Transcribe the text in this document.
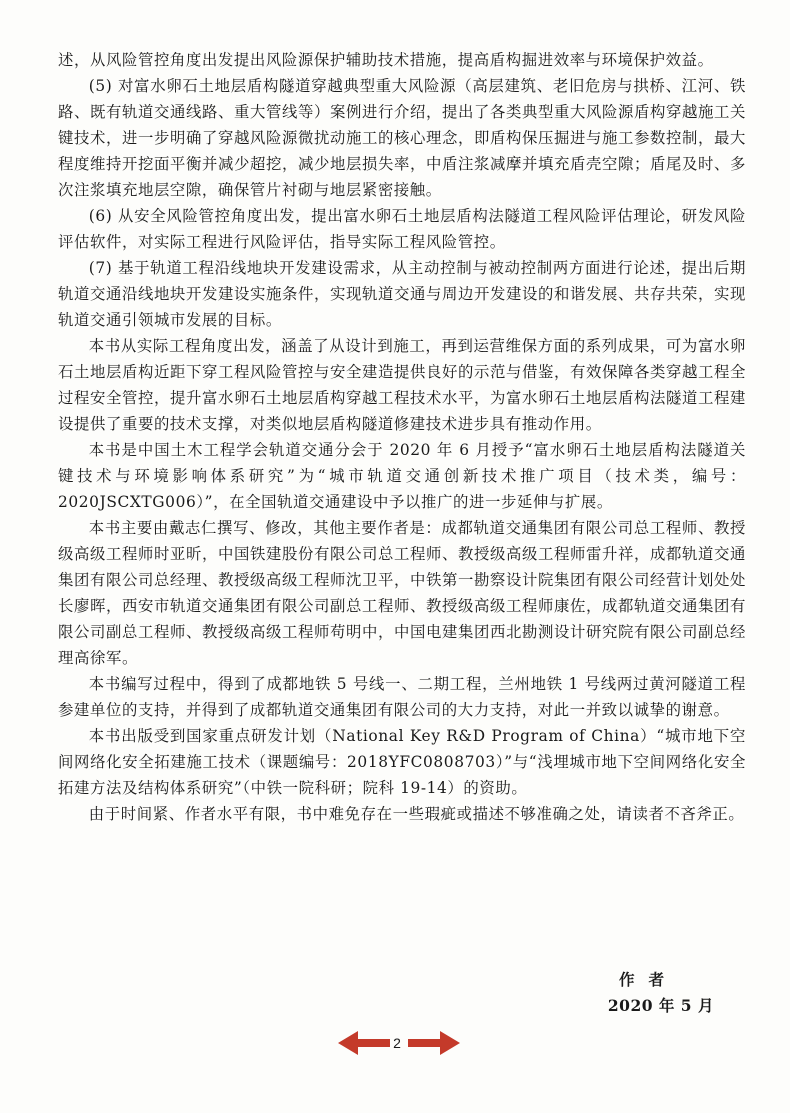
述，从风险管控角度出发提出风险源保护辅助技术措施，提高盾构掘进效率与环境保护效益。

(5) 对富水卵石土地层盾构隧道穿越典型重大风险源（高层建筑、老旧危房与拱桥、江河、铁路、既有轨道交通线路、重大管线等）案例进行介绍，提出了各类典型重大风险源盾构穿越施工关键技术，进一步明确了穿越风险源微扰动施工的核心理念，即盾构保压掘进与施工参数控制，最大程度维持开挖面平衡并减少超挖，减少地层损失率，中盾注浆减摩并填充盾壳空隙；盾尾及时、多次注浆填充地层空隙，确保管片衬砌与地层紧密接触。

(6) 从安全风险管控角度出发，提出富水卵石土地层盾构法隧道工程风险评估理论，研发风险评估软件，对实际工程进行风险评估，指导实际工程风险管控。

(7) 基于轨道工程沿线地块开发建设需求，从主动控制与被动控制两方面进行论述，提出后期轨道交通沿线地块开发建设实施条件，实现轨道交通与周边开发建设的和谐发展、共存共荣，实现轨道交通引领城市发展的目标。

本书从实际工程角度出发，涵盖了从设计到施工，再到运营维保方面的系列成果，可为富水卵石土地层盾构近距下穿工程风险管控与安全建造提供良好的示范与借鉴，有效保障各类穿越工程全过程安全管控，提升富水卵石土地层盾构穿越工程技术水平，为富水卵石土地层盾构法隧道工程建设提供了重要的技术支撑，对类似地层盾构隧道修建技术进步具有推动作用。

本书是中国土木工程学会轨道交通分会于 2020 年 6 月授予“富水卵石土地层盾构法隧道关键技术与环境影响体系研究”为“城市轨道交通创新技术推广项目（技术类，编号：2020JSCXTG006）”，在全国轨道交通建设中予以推广的进一步延伸与扩展。

本书主要由戴志仁撰写、修改，其他主要作者是：成都轨道交通集团有限公司总工程师、教授级高级工程师时亚昕，中国铁建股份有限公司总工程师、教授级高级工程师雷升祥，成都轨道交通集团有限公司总经理、教授级高级工程师沈卫平，中铁第一勘察设计院集团有限公司经营计划处处长廖晖，西安市轨道交通集团有限公司副总工程师、教授级高级工程师康佐，成都轨道交通集团有限公司副总工程师、教授级高级工程师苟明中，中国电建集团西北勘测设计研究院有限公司副总经理高徐军。

本书编写过程中，得到了成都地铁 5 号线一、二期工程，兰州地铁 1 号线两过黄河隧道工程参建单位的支持，并得到了成都轨道交通集团有限公司的大力支持，对此一并致以诚挚的谢意。

本书出版受到国家重点研发计划（National Key R&D Program of China）“城市地下空间网络化安全拓建施工技术（课题编号：2018YFC0808703）”与“浅埋城市地下空间网络化安全拓建方法及结构体系研究”（中铁一院科研；院科 19-14）的资助。

由于时间紧、作者水平有限，书中难免存在一些瑕疵或描述不够准确之处，请读者不吝斧正。

作者
2020 年 5 月
2
